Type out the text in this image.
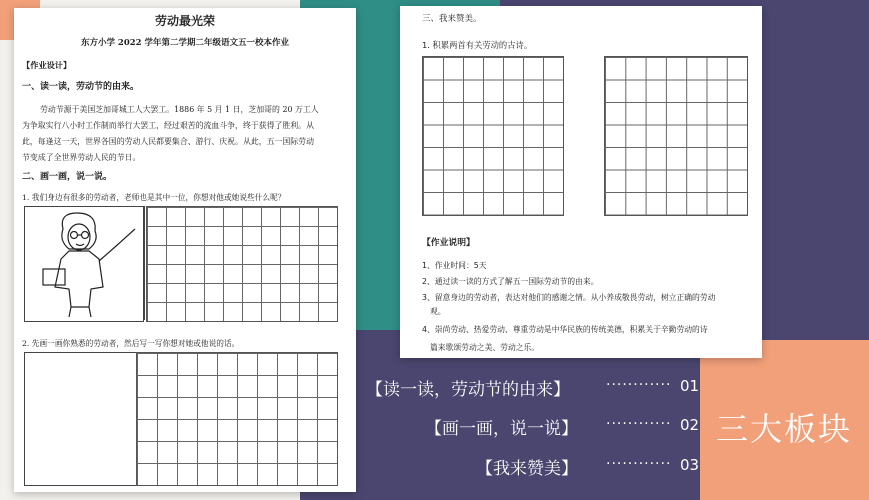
劳动最光荣
东方小学 2022 学年第二学期二年级语文五一校本作业
【作业设计】
一、读一读，劳动节的由来。
劳动节源于美国芝加哥城工人大罢工。1886 年 5 月 1 日，芝加哥的 20 万工人
为争取实行八小时工作制而举行大罢工，经过艰苦的流血斗争，终于获得了胜利。从
此，每逢这一天，世界各国的劳动人民都要集合、游行、庆祝。从此，五一国际劳动
节变成了全世界劳动人民的节日。
二、画一画，说一说。
1. 我们身边有很多的劳动者，老师也是其中一位，你想对他或她说些什么呢？
2. 先画一画你熟悉的劳动者，然后写一写你想对她或他说的话。
三、我来赞美。
1. 积累两首有关劳动的古诗。
【作业说明】
1、作业时间：5天
2、通过读一读的方式了解五一国际劳动节的由来。
3、留意身边的劳动者，表达对他们的感谢之情。从小养成敬畏劳动，树立正确的劳动
观。
4、崇尚劳动、热爱劳动、尊重劳动是中华民族的传统美德，积累关于辛勤劳动的诗
篇来歌颂劳动之美、劳动之乐。
【读一读，劳动节的由来】	············ 01
【画一画，说一说】 ············ 02
【我来赞美】 ············ 03
三大板块
